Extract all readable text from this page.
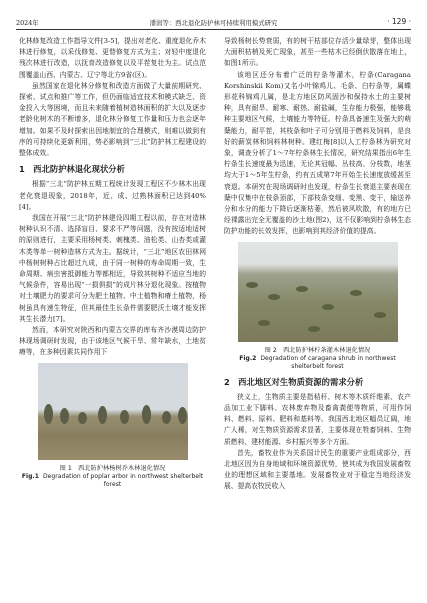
2024年	潘润等：西北退化防护林可持续利用模式研究	· 129 ·

化林修复改造工作指导文件[3-5]，提出对老化、重度退化乔木林进行修复，以采伐修复、更替修复方式为主；对轻中度退化残次林进行改造，以抚育改造修复以及平茬复壮为主。试点范围覆盖山西、内蒙古、辽宁等北方9省(区)。

虽然国家在退化林分修复和改造方面做了大量前期研究、探索、试点和推广等工作，但仍面临适宜技术和模式缺乏、资金投入大等困境，而且未来随着植树造林面积的扩大以及逐步老龄化树木的不断增多，退化林分修复工作量和压力也会逐年增加。如果不及时探索出因地制宜的合理模式，则难以做到有序的可持续化更新利用，势必影响到“三北”防护林工程建设的整体成效。

1　西北防护林退化现状分析

根据“三北”防护林五期工程统计发现工程区不少林木出现老化衰退现象，2018年，近、成、过熟林面积已达到40%[4]。

我国在开展“三北”防护林建设四期工程以前，存在对造林树种认识不清、选择盲目、要求不严等问题，没有按适地适树的原则进行，主要采用杨树类、刺槐类、油松类、山杏类或灌木类等单一树种造林方式为主。据统计，“三北”地区农田林网中杨树树种占比超过九成，由于同一树种的寿命周期一致，生命周期、病虫害抵御能力等都相近，导致其树种不适应当地的气候条件，容易出现“一损俱损”的成片林分退化现象。按植物对土壤肥力的要求可分为肥土植物、中土植物和瘠土植物，杨树虽具有速生特征，但其最佳生长条件需要肥沃土壤才能发挥其生长潜力[7]。

然而，本研究对陕西和内蒙古交界的库布齐沙漠周边防护林现场调研时发现，由于该地区气候干旱、常年缺水，土地贫瘠等，在多种因素共同作用下

图 1　西北防护林杨树乔木林退化情况
Fig.1 Degradation of poplar arbor in northwest shelterbelt forest

导致杨树长势衰弱，有的树干枯部位存活少量绿芽，整体出现大面积枯梢及死亡现象，甚至一些枯木已经倒伏散落在地上，如图1所示。

该地区还分布着广泛的柠条等灌木，柠条(Caragana Korshinskii Kom)又名小叶锦鸡儿、毛条、白柠条等，属蝶形花科锦鸡儿属，是北方地区防风固沙和保持水土的主要树种，具有耐旱、耐寒、耐热、耐盐碱，生存能力极强，能够栽种主要地区气候，土壤能力等特征。柠条具备速生及强大的萌蘖能力，耐平茬，其枝条和叶子可分别用于燃料及饲料，是良好的薪炭林和饲料林树种。建红梅[8]以人工柠条林为研究对象，调查分析了1～7年柠条林生长情况，研究结果指出6年生柠条生长速度最为迅速，无论其冠幅、丛枝高、分枝数，地茎均大于1～5年生柠条，约有五成第7年开始生长速度放缓甚至衰退。本研究在现场调研时也发现，柠条生长衰退主要表现在蘖中仅集中在枝条顶部，下部枝条变细、变黑、变干，输送养分和水分的能力下降后逐渐枯萎，然后被风吹散，有的地方已经裸露出完全无覆盖的沙土地(图2)，这不仅影响到柠条林生态防护功能的长效发挥，也影响到其经济价值的提高。

图 2　西北防护林柠条灌木林退化情况
Fig.2 Degradation of caragana shrub in northwest shelterbelt forest
2　西北地区对生物质资源的需求分析

狭义上，生物质主要是指秸秆、树木等木质纤维素、农产品加工业下脚料、农林废弃物及畜禽粪便等物质，可用作饲料、燃料、原料、肥料和基料等。我国西北地区幅员辽阔，地广人稀，对生物质资源需求显著，主要体现在牲畜饲料、生物质燃料、建材能源、乡村振兴等多个方面。

首先，畜牧业作为关系国计民生的重要产业组成部分，西北地区因为自身地域和环境资源优势，使其成为我国发展畜牧业的理想区域和主要基地。发展畜牧业对于稳定当地经济发展、提高农牧民收入
